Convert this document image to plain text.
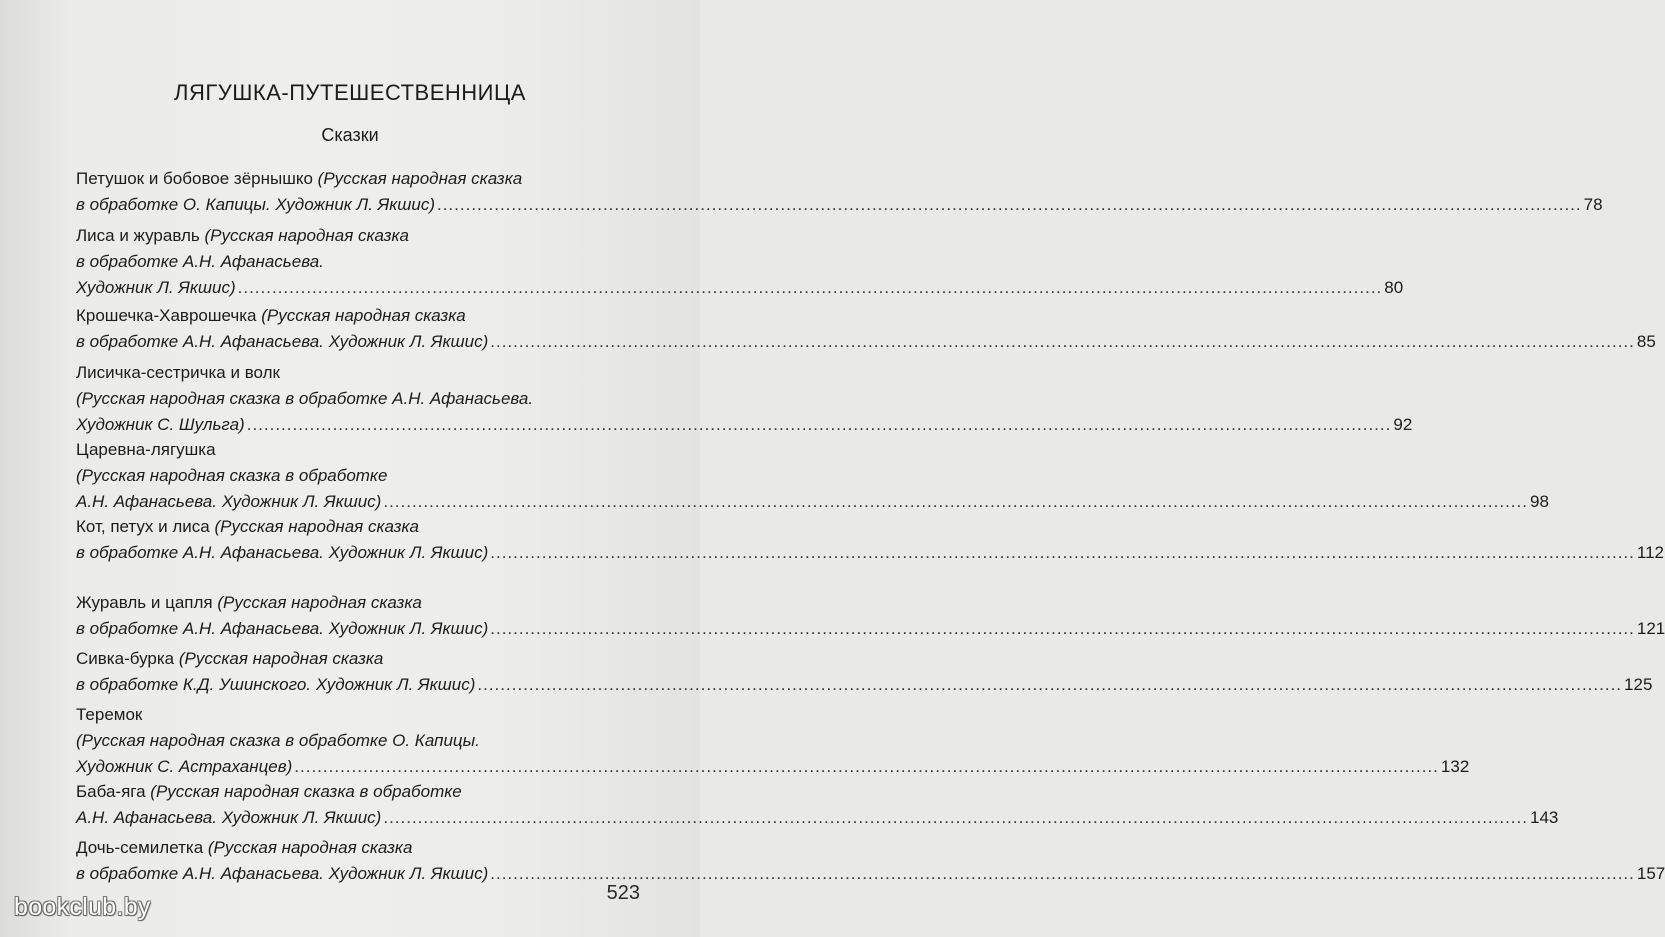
ЛЯГУШКА-ПУТЕШЕСТВЕННИЦА
Сказки
Петушок и бобовое зёрнышко (Русская народная сказка
в обработке О. Капицы. Художник Л. Якшис) ........................................................................................................................................................................................................ 78
Лиса и журавль (Русская народная сказка
в обработке А.Н. Афанасьева.
Художник Л. Якшис) ........................................................................................................................................................................................................ 80
Крошечка-Хаврошечка (Русская народная сказка
в обработке А.Н. Афанасьева. Художник Л. Якшис) ........................................................................................................................................................................................................ 85
Лисичка-сестричка и волк
(Русская народная сказка в обработке А.Н. Афанасьева.
Художник С. Шульга) ........................................................................................................................................................................................................ 92
Царевна-лягушка
(Русская народная сказка в обработке
А.Н. Афанасьева. Художник Л. Якшис) ........................................................................................................................................................................................................ 98
Кот, петух и лиса (Русская народная сказка
в обработке А.Н. Афанасьева. Художник Л. Якшис) ........................................................................................................................................................................................................ 112
Журавль и цапля (Русская народная сказка
в обработке А.Н. Афанасьева. Художник Л. Якшис) ........................................................................................................................................................................................................ 121
Сивка-бурка (Русская народная сказка
в обработке К.Д. Ушинского. Художник Л. Якшис) ........................................................................................................................................................................................................ 125
Теремок
(Русская народная сказка в обработке О. Капицы.
Художник С. Астраханцев) ........................................................................................................................................................................................................ 132
Баба-яга (Русская народная сказка в обработке
А.Н. Афанасьева. Художник Л. Якшис) ........................................................................................................................................................................................................ 143
Дочь-семилетка (Русская народная сказка
в обработке А.Н. Афанасьева. Художник Л. Якшис) ........................................................................................................................................................................................................ 157
523
bookclub.by
